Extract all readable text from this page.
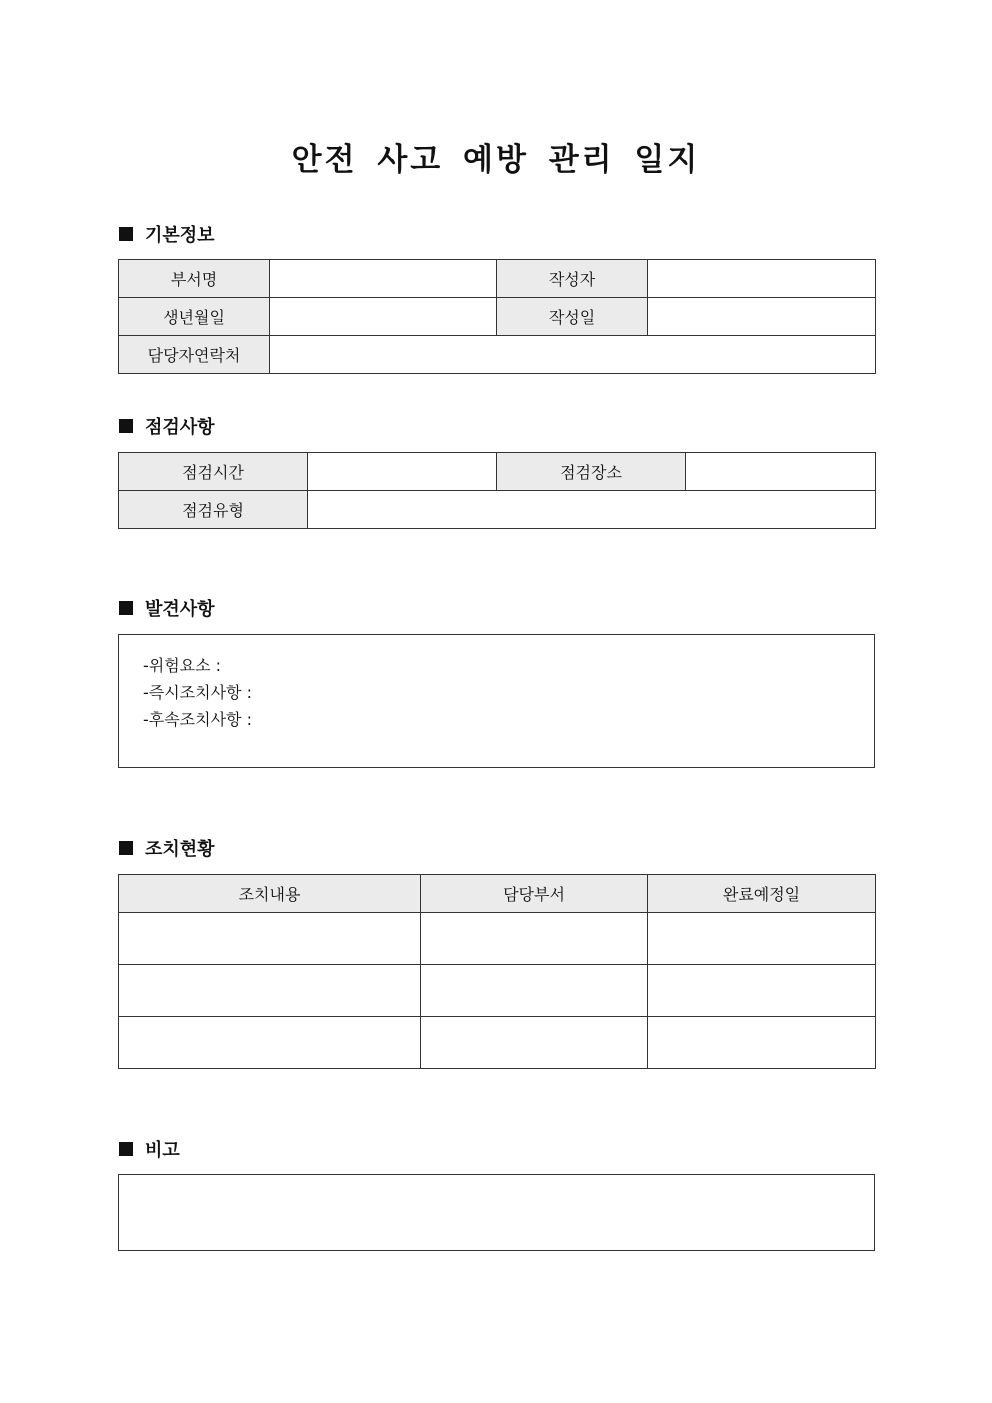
안전 사고 예방 관리 일지
기본정보
부서명		작성자	
생년월일		작성일	
담당자연락처			
점검사항
점검시간		점검장소	
점검유형			
발견사항
-위험요소 :
-즉시조치사항 :
-후속조치사항 :
조치현황
조치내용	담당부서	완료예정일

비고
